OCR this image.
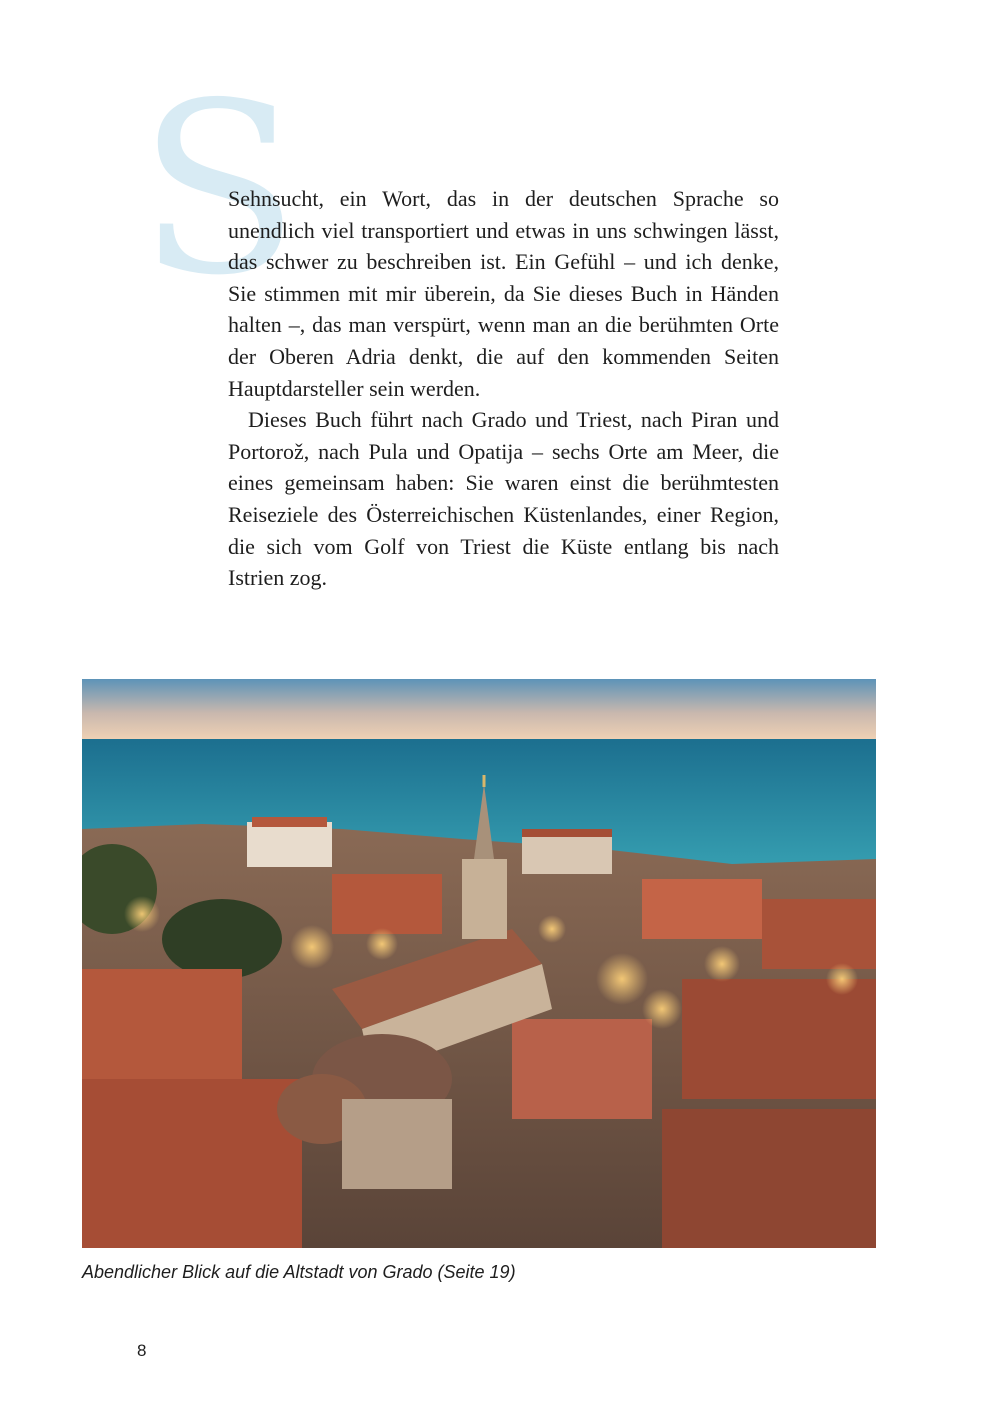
S

Sehnsucht, ein Wort, das in der deutschen Sprache so unendlich viel transportiert und etwas in uns schwingen lässt, das schwer zu beschreiben ist. Ein Gefühl – und ich denke, Sie stimmen mit mir überein, da Sie dieses Buch in Händen halten –, das man verspürt, wenn man an die berühmten Orte der Oberen Adria denkt, die auf den kommenden Seiten Hauptdarsteller sein werden.

Dieses Buch führt nach Grado und Triest, nach Piran und Portorož, nach Pula und Opatija – sechs Orte am Meer, die eines gemeinsam haben: Sie waren einst die berühmtesten Reiseziele des Österreichischen Küstenlandes, einer Region, die sich vom Golf von Triest die Küste entlang bis nach Istrien zog.

Abendlicher Blick auf die Altstadt von Grado (Seite 19)
8
